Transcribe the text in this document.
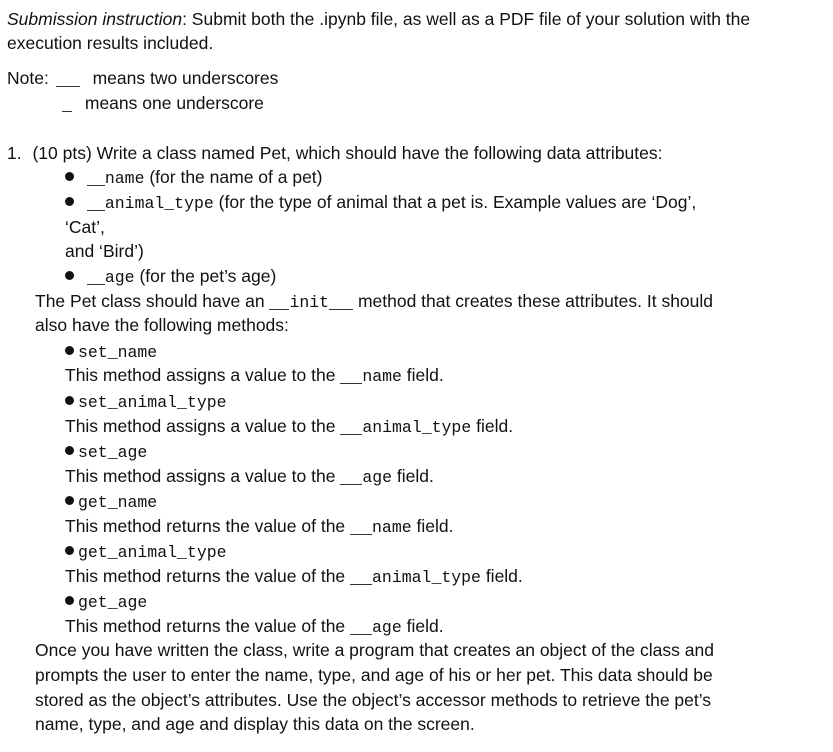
Submission instruction: Submit both the .ipynb file, as well as a PDF file of your solution with the
execution results included.
Note:	means two underscores
means one underscore
1. (10 pts) Write a class named Pet, which should have the following data attributes:
name (for the name of a pet)
animal_type (for the type of animal that a pet is. Example values are ‘Dog’,
‘Cat’,
and ‘Bird’)
age (for the pet’s age)
The Pet class should have an init method that creates these attributes. It should
also have the following methods:
set_name
This method assigns a value to the name field.
set_animal_type
This method assigns a value to the animal_type field.
set_age
This method assigns a value to the age field.
get_name
This method returns the value of the name field.
get_animal_type
This method returns the value of the animal_type field.
get_age
This method returns the value of the age field.
Once you have written the class, write a program that creates an object of the class and
prompts the user to enter the name, type, and age of his or her pet. This data should be
stored as the object’s attributes. Use the object’s accessor methods to retrieve the pet’s
name, type, and age and display this data on the screen.
